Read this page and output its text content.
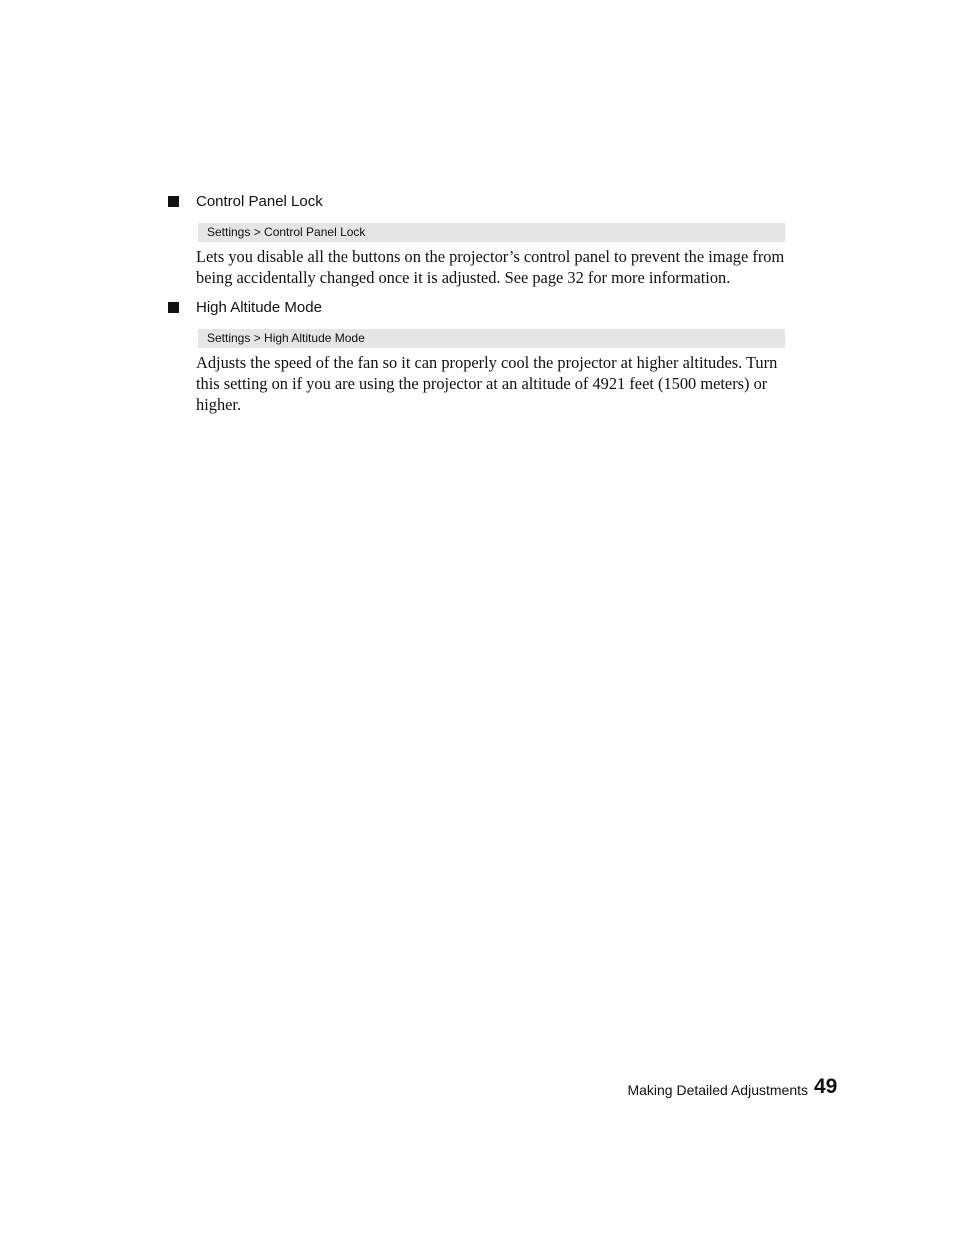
Control Panel Lock
Settings > Control Panel Lock

Lets you disable all the buttons on the projector’s control panel to prevent the image from being accidentally changed once it is adjusted. See page 32 for more information.

High Altitude Mode
Settings > High Altitude Mode

Adjusts the speed of the fan so it can properly cool the projector at higher altitudes. Turn this setting on if you are using the projector at an altitude of 4921 feet (1500 meters) or higher.

Making Detailed Adjustments 49
